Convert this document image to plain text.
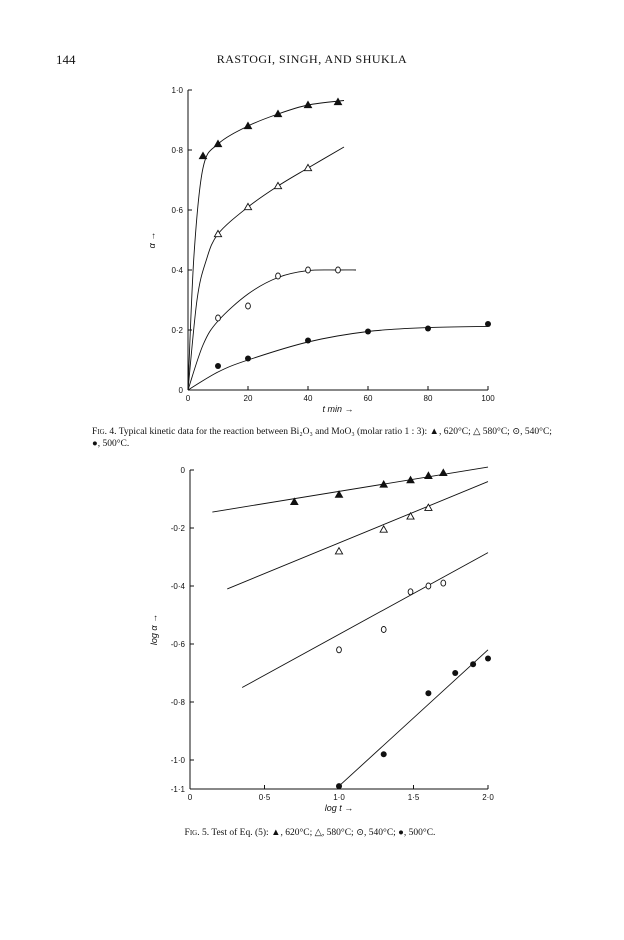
144	RASTOGI, SINGH, AND SHUKLA
0	20	40	60	80	100
0
0·2
0·4
0·6
0·8
1·0
t min →
α →
Fig. 4. Typical kinetic data for the reaction between Bi₂O₃ and MoO₃ (molar ratio 1 : 3): ▲, 620°C; △ 580°C; ⊙, 540°C; ●, 500°C.
0	0·5	1·0	1·5	2·0
0
-0·2
-0·4
-0·6
-0·8
-1·0
-1·1
log t →
log α →
Fig. 5. Test of Eq. (5): ▲, 620°C; △, 580°C; ⊙, 540°C; ●, 500°C.
